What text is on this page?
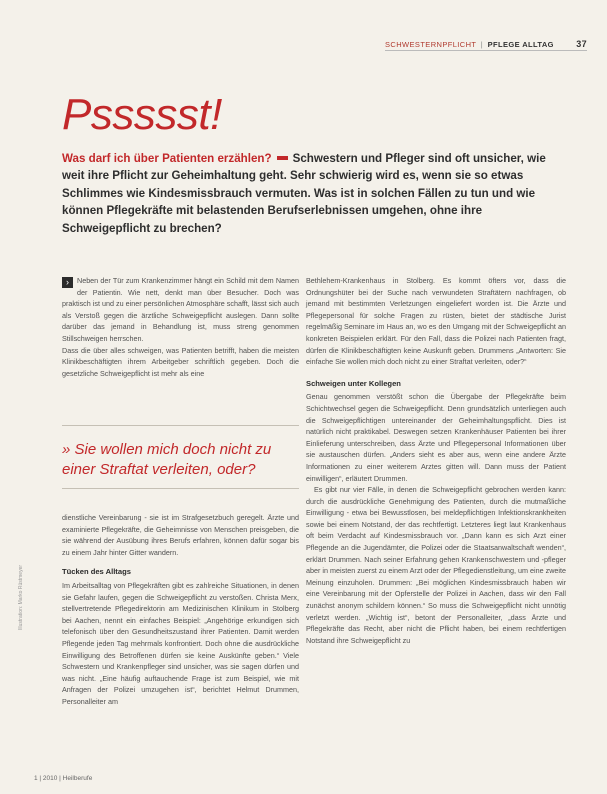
SCHWESTERNPFLICHT | PFLEGE ALLTAG 37
Pssssst!
Was darf ich über Patienten erzählen? Schwestern und Pfleger sind oft unsicher, wie weit ihre Pflicht zur Geheimhaltung geht. Sehr schwierig wird es, wenn sie so etwas Schlimmes wie Kindesmissbrauch vermuten. Was ist in solchen Fällen zu tun und wie können Pflegekräfte mit belastenden Berufserlebnissen umgehen, ohne ihre Schweigepflicht zu brechen?
›	Neben der Tür zum Krankenzimmer hängt ein Schild mit dem Namen der Patientin. Wie nett, denkt man über Besucher. Doch was praktisch ist und zu einer persönlichen Atmosphäre schafft, lässt sich auch als Verstoß gegen die ärztliche Schweigepflicht auslegen. Dann sollte darüber das jemand in Behandlung ist, muss streng genommen Stillschweigen herrschen.

Dass die über alles schweigen, was Patienten betrifft, haben die meisten Klinikbeschäftigten ihrem Arbeitgeber schriftlich gegeben. Doch die gesetzliche Schweigepflicht ist mehr als eine

» Sie wollen mich doch nicht zu einer Straftat verleiten, oder?

dienstliche Vereinbarung - sie ist im Strafgesetzbuch geregelt. Ärzte und examinierte Pflegekräfte, die Geheimnisse von Menschen preisgeben, die sie während der Ausübung ihres Berufs erfahren, können dafür sogar bis zu einem Jahr hinter Gitter wandern.

Tücken des Alltags

Im Arbeitsalltag von Pflegekräften gibt es zahlreiche Situationen, in denen sie Gefahr laufen, gegen die Schweigepflicht zu verstoßen. Christa Merx, stellvertretende Pflegedirektorin am Medizinischen Klinikum in Stolberg bei Aachen, nennt ein einfaches Beispiel: „Angehörige erkundigen sich telefonisch über den Gesundheitszustand ihrer Patienten. Damit werden Pflegende jeden Tag mehrmals konfrontiert. Doch ohne die ausdrückliche Einwilligung des Betroffenen dürfen sie keine Auskünfte geben.“ Viele Schwestern und Krankenpfleger sind unsicher, was sie sagen dürfen und was nicht. „Eine häufig auftauchende Frage ist zum Beispiel, wie mit Anfragen der Polizei umzugehen ist“, berichtet Helmut Drummen, Personalleiter am

Bethlehem-Krankenhaus in Stolberg. Es kommt öfters vor, dass die Ordnungshüter bei der Suche nach verwundeten Straftätern nachfragen, ob jemand mit bestimmten Verletzungen eingeliefert worden ist. Die Ärzte und Pflegepersonal für solche Fragen zu rüsten, bietet der städtische Jurist regelmäßig Seminare im Haus an, wo es den Umgang mit der Schweigepflicht an konkreten Beispielen erklärt. Für den Fall, dass die Polizei nach Patienten fragt, dürfen die Klinikbeschäftigten keine Auskunft geben. Drummens „Antworten: Sie einfache Sie wollen mich doch nicht zu einer Straftat verleiten, oder?“

Schweigen unter Kollegen

Genau genommen verstößt schon die Übergabe der Pflegekräfte beim Schichtwechsel gegen die Schweigepflicht. Denn grundsätzlich unterliegen auch die Schweigepflichtigen untereinander der Geheimhaltungspflicht. Dies ist natürlich nicht praktikabel. Deswegen setzen Krankenhäuser Patienten bei ihrer Einlieferung unterschreiben, dass Ärzte und Pflegepersonal Informationen über sie austauschen dürfen. „Anders sieht es aber aus, wenn eine andere Ärzte Informationen zu einer weiterem Arztes gitten will. Dann muss der Patient einwilligen“, erläutert Drummen.

Es gibt nur vier Fälle, in denen die Schweigepflicht gebrochen werden kann: durch die ausdrückliche Genehmigung des Patienten, durch die mutmaßliche Einwilligung - etwa bei Bewusstlosen, bei meldepflichtigen Infektionskrankheiten sowie bei einem Notstand, der das rechtfertigt. Letzteres liegt laut Krankenhaus oft beim Verdacht auf Kindesmissbrauch vor. „Dann kann es sich Arzt einer Pflegende an die Jugendämter, die Polizei oder die Staatsanwaltschaft wenden“, erklärt Drummen. Nach seiner Erfahrung gehen Krankenschwestern und -pfleger aber in meisten zuerst zu einem Arzt oder der Pflegedienstleitung, um eine zweite Meinung einzuholen. Drummen: „Bei möglichen Kindesmissbrauch haben wir eine Vereinbarung mit der Opferstelle der Polizei in Aachen, dass wir den Fall zunächst anonym schildern können.“ So muss die Schweigepflicht nicht unnötig verletzt werden. „Wichtig ist“, betont der Personalleiter, „dass Ärzte und Pflegekräfte das Recht, aber nicht die Pflicht haben, bei einem rechtfertigen Notstand ihre Schweigepflicht zu

Illustration: Marko Rüstmeyer
1 | 2010 | Heilberufe
